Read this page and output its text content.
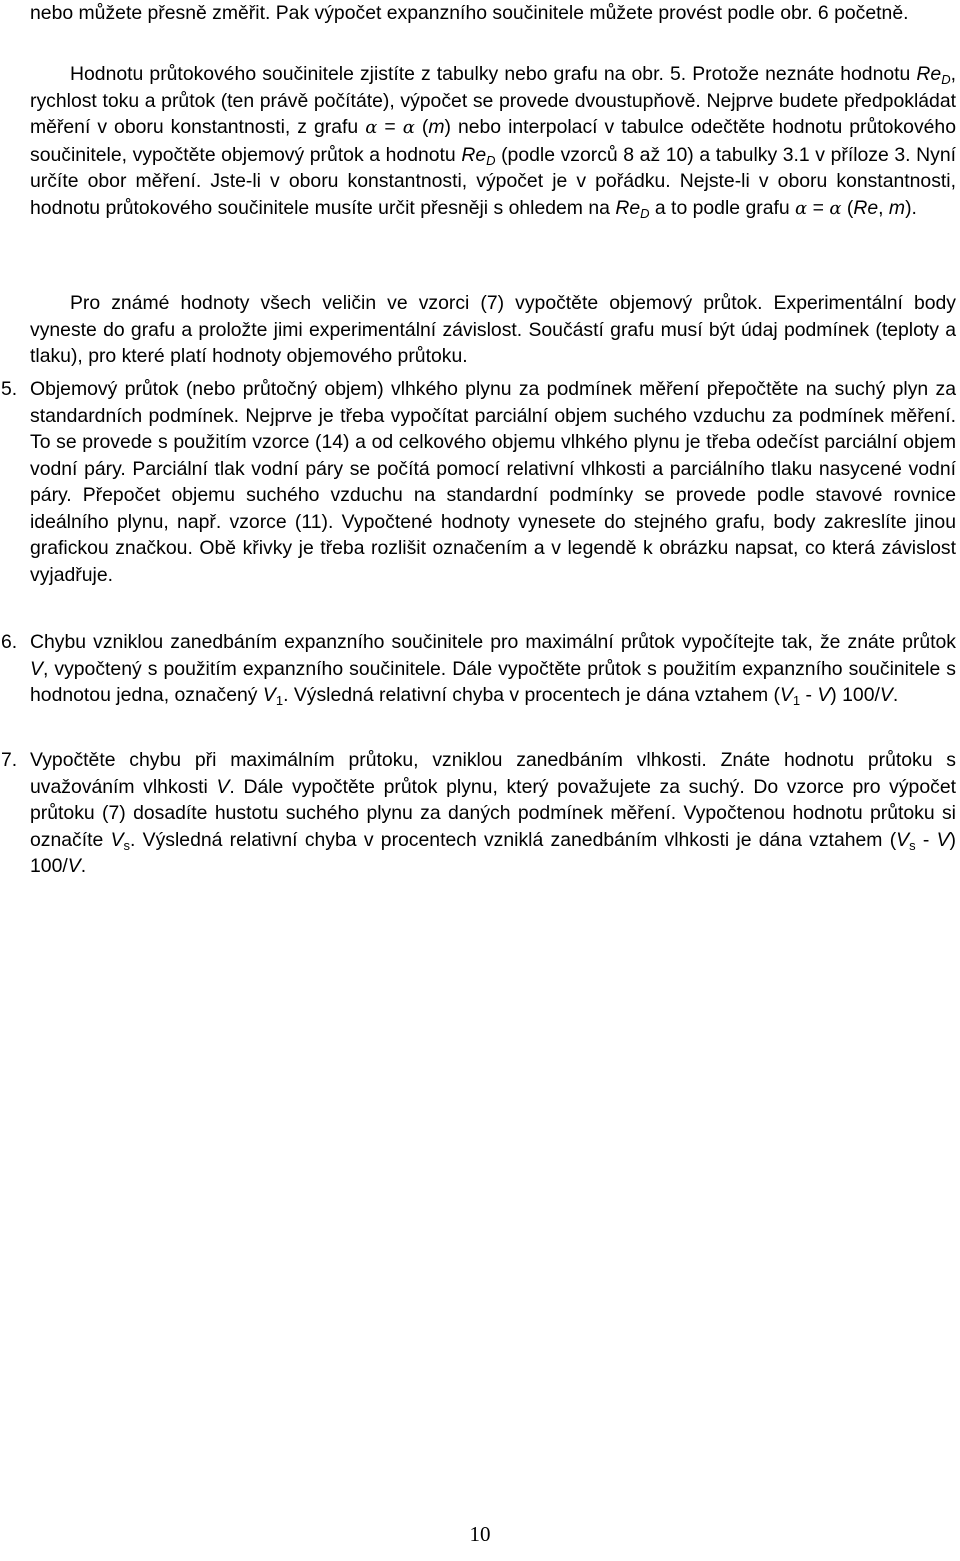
nebo můžete přesně změřit. Pak výpočet expanzního součinitele můžete provést podle obr. 6 početně.

Hodnotu průtokového součinitele zjistíte z tabulky nebo grafu na obr. 5. Protože neznáte hodnotu $Re_D$, rychlost toku a průtok (ten právě počítáte), výpočet se provede dvoustupňově. Nejprve budete předpokládat měření v oboru konstantnosti, z grafu α = α (m) nebo interpolací v tabulce odečtěte hodnotu průtokového součinitele, vypočtěte objemový průtok a hodnotu $Re_D$ (podle vzorců 8 až 10) a tabulky 3.1 v příloze 3. Nyní určíte obor měření. Jste-li v oboru konstantnosti, výpočet je v pořádku. Nejste-li v oboru konstantnosti, hodnotu průtokového součinitele musíte určit přesněji s ohledem na $Re_D$ a to podle grafu α = α (Re, m).

Pro známé hodnoty všech veličin ve vzorci (7) vypočtěte objemový průtok. Experimentální body vyneste do grafu a proložte jimi experimentální závislost. Součástí grafu musí být údaj podmínek (teploty a tlaku), pro které platí hodnoty objemového průtoku.

5. Objemový průtok (nebo průtočný objem) vlhkého plynu za podmínek měření přepočtěte na suchý plyn za standardních podmínek. Nejprve je třeba vypočítat parciální objem suchého vzduchu za podmínek měření. To se provede s použitím vzorce (14) a od celkového objemu vlhkého plynu je třeba odečíst parciální objem vodní páry. Parciální tlak vodní páry se počítá pomocí relativní vlhkosti a parciálního tlaku nasycené vodní páry. Přepočet objemu suchého vzduchu na standardní podmínky se provede podle stavové rovnice ideálního plynu, např. vzorce (11). Vypočtené hodnoty vynesete do stejného grafu, body zakreslíte jinou grafickou značkou. Obě křivky je třeba rozlišit označením a v legendě k obrázku napsat, co která závislost vyjadřuje.

6. Chybu vzniklou zanedbáním expanzního součinitele pro maximální průtok vypočítejte tak, že znáte průtok V, vypočtený s použitím expanzního součinitele. Dále vypočtěte průtok s použitím expanzního součinitele s hodnotou jedna, označený $V_1$. Výsledná relativní chyba v procentech je dána vztahem $(V_1 - V)$ 100/V.

7. Vypočtěte chybu při maximálním průtoku, vzniklou zanedbáním vlhkosti. Znáte hodnotu průtoku s uvažováním vlhkosti V. Dále vypočtěte průtok plynu, který považujete za suchý. Do vzorce pro výpočet průtoku (7) dosadíte hustotu suchého plynu za daných podmínek měření. Vypočtenou hodnotu průtoku si označíte $V_s$. Výsledná relativní chyba v procentech vzniklá zanedbáním vlhkosti je dána vztahem $(V_s - V)$ 100/V.

10
